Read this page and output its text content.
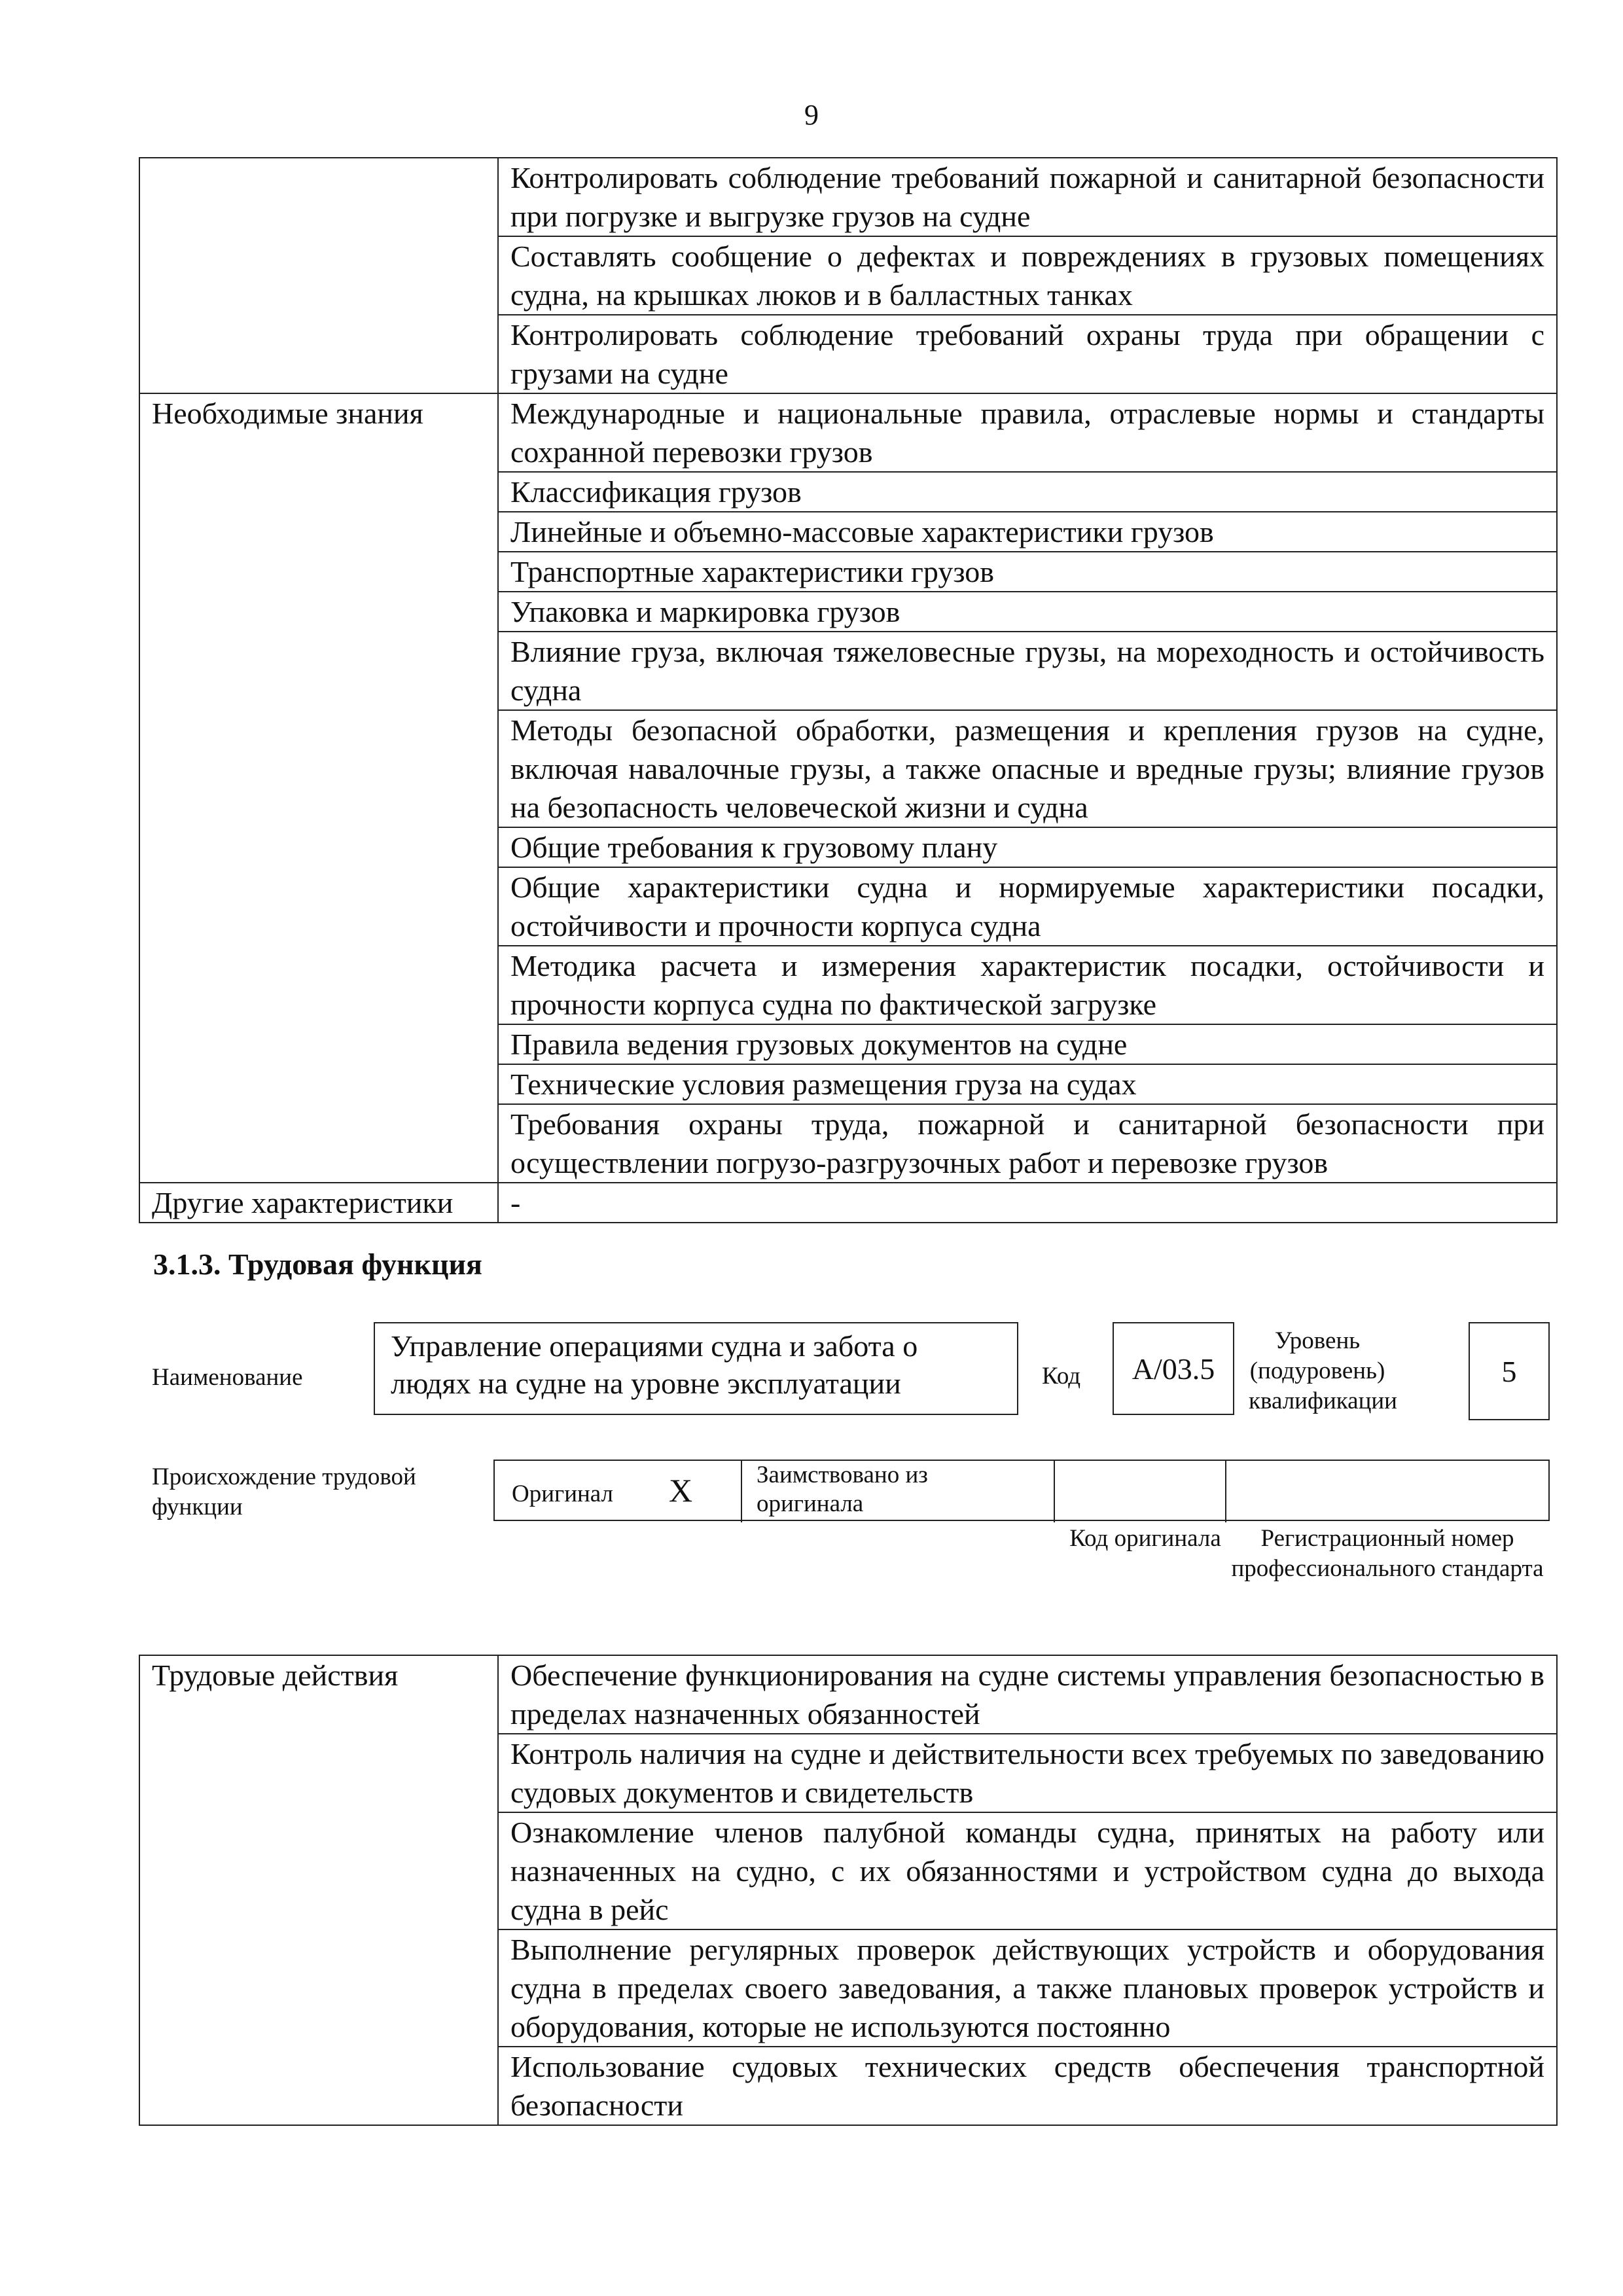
9
	Контролировать соблюдение требований пожарной и санитарной безопасности при погрузке и выгрузке грузов на судне
	Составлять сообщение о дефектах и повреждениях в грузовых помещениях судна, на крышках люков и в балластных танках
	Контролировать соблюдение требований охраны труда при обращении с грузами на судне
Необходимые знания	Международные и национальные правила, отраслевые нормы и стандарты сохранной перевозки грузов
	Классификация грузов
	Линейные и объемно-массовые характеристики грузов
	Транспортные характеристики грузов
	Упаковка и маркировка грузов
	Влияние груза, включая тяжеловесные грузы, на мореходность и остойчивость судна
	Методы безопасной обработки, размещения и крепления грузов на судне, включая навалочные грузы, а также опасные и вредные грузы; влияние грузов на безопасность человеческой жизни и судна
	Общие требования к грузовому плану
	Общие характеристики судна и нормируемые характеристики посадки, остойчивости и прочности корпуса судна
	Методика расчета и измерения характеристик посадки, остойчивости и прочности корпуса судна по фактической загрузке
	Правила ведения грузовых документов на судне
	Технические условия размещения груза на судах
	Требования охраны труда, пожарной и санитарной безопасности при осуществлении погрузо-разгрузочных работ и перевозке грузов
Другие характеристики	-
3.1.3. Трудовая функция
Наименование
Управление операциями судна и забота о людях на судне на уровне эксплуатации	Код	A/03.5
Уровень (подуровень) квалификации
5
Происхождение трудовой функции	Оригинал X	Заимствовано из оригинала
Код оригинала	Регистрационный номер профессионального стандарта
Трудовые действия	Обеспечение функционирования на судне системы управления безопасностью в пределах назначенных обязанностей
Контроль наличия на судне и действительности всех требуемых по заведованию судовых документов и свидетельств
Ознакомление членов палубной команды судна, принятых на работу или назначенных на судно, с их обязанностями и устройством судна до выхода судна в рейс
Выполнение регулярных проверок действующих устройств и оборудования судна в пределах своего заведования, а также плановых проверок устройств и оборудования, которые не используются постоянно
Использование судовых технических средств обеспечения транспортной безопасности
